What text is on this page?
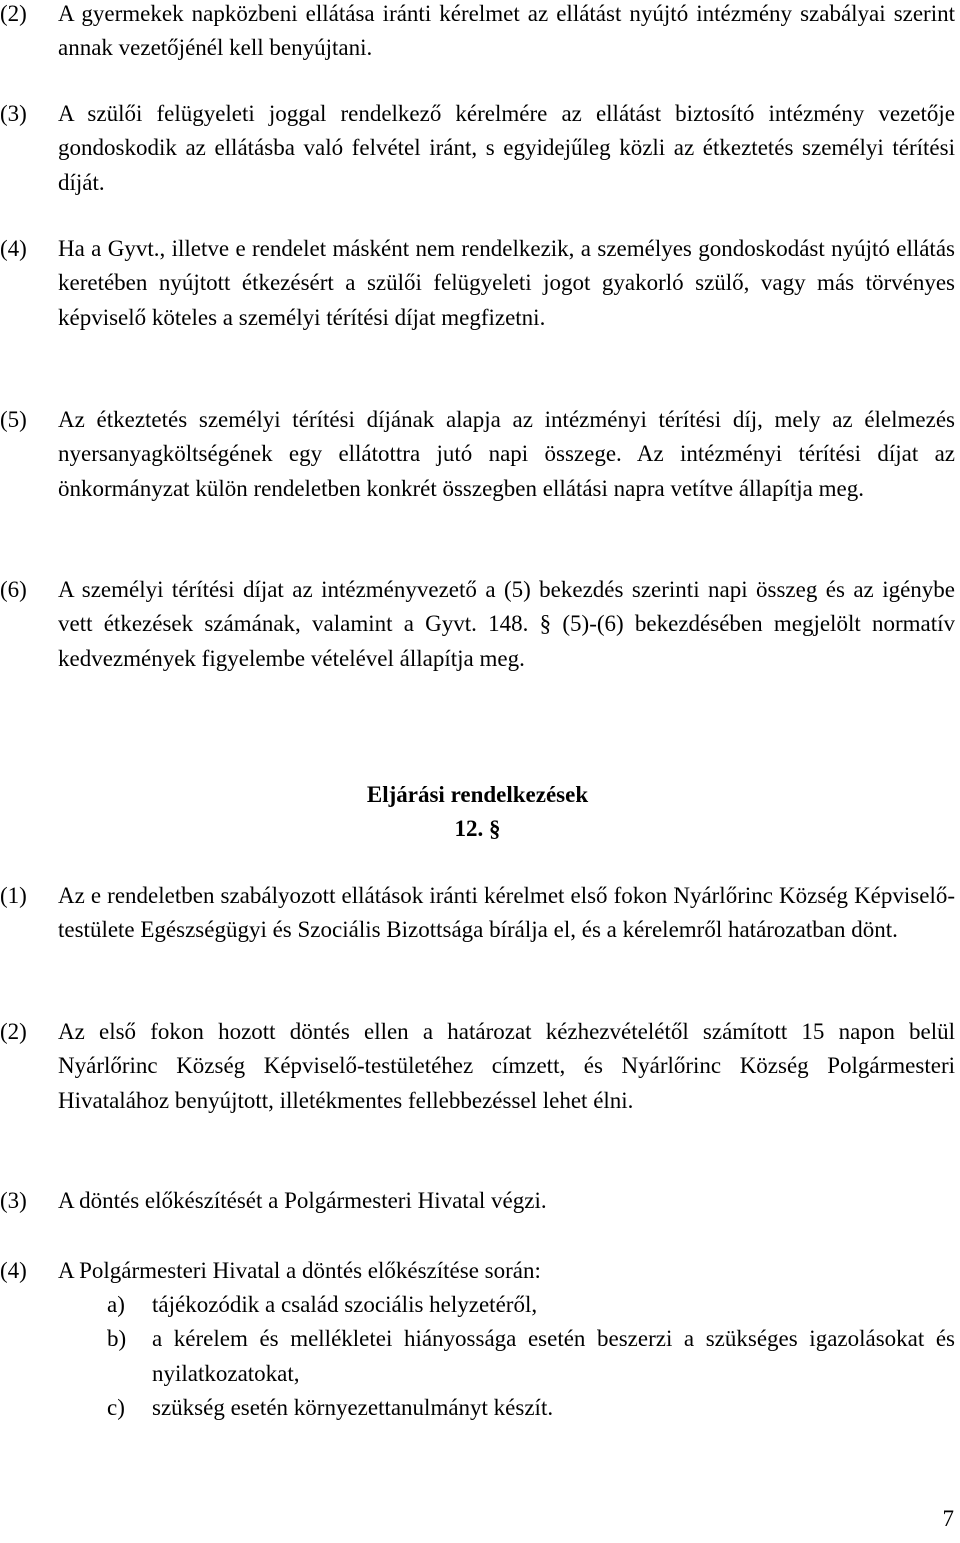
(2)	A gyermekek napközbeni ellátása iránti kérelmet az ellátást nyújtó intézmény szabályai szerint annak vezetőjénél kell benyújtani.

(3)	A szülői felügyeleti joggal rendelkező kérelmére az ellátást biztosító intézmény vezetője gondoskodik az ellátásba való felvétel iránt, s egyidejűleg közli az étkeztetés személyi térítési díját.

(4)	Ha a Gyvt., illetve e rendelet másként nem rendelkezik, a személyes gondoskodást nyújtó ellátás keretében nyújtott étkezésért a szülői felügyeleti jogot gyakorló szülő, vagy más törvényes képviselő köteles a személyi térítési díjat megfizetni.

(5)	Az étkeztetés személyi térítési díjának alapja az intézményi térítési díj, mely az élelmezés nyersanyagköltségének egy ellátottra jutó napi összege. Az intézményi térítési díjat az önkormányzat külön rendeletben konkrét összegben ellátási napra vetítve állapítja meg.

(6)	A személyi térítési díjat az intézményvezető a (5) bekezdés szerinti napi összeg és az igénybe vett étkezések számának, valamint a Gyvt. 148. § (5)-(6) bekezdésében megjelölt normatív kedvezmények figyelembe vételével állapítja meg.

Eljárási rendelkezések
12. §
(1)	Az e rendeletben szabályozott ellátások iránti kérelmet első fokon Nyárlőrinc Község Képviselő-testülete Egészségügyi és Szociális Bizottsága bírálja el, és a kérelemről határozatban dönt.

(2)	Az első fokon hozott döntés ellen a határozat kézhezvételétől számított 15 napon belül Nyárlőrinc Község Képviselő-testületéhez címzett, és Nyárlőrinc Község Polgármesteri Hivatalához benyújtott, illetékmentes fellebbezéssel lehet élni.

(3)	A döntés előkészítését a Polgármesteri Hivatal végzi.

(4)	A Polgármesteri Hivatal a döntés előkészítése során:

a)	tájékozódik a család szociális helyzetéről,
b)	a kérelem és mellékletei hiányossága esetén beszerzi a szükséges igazolásokat és nyilatkozatokat,
c)	szükség esetén környezettanulmányt készít.
7
